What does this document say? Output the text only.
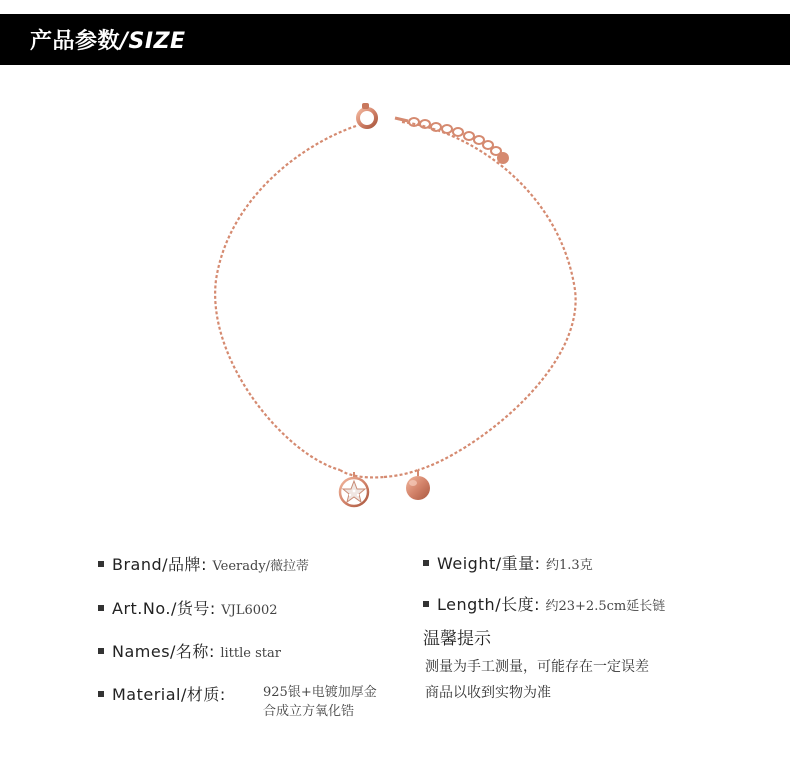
产品参数/SIZE
Brand/品牌: Veerady/薇拉蒂
Art.No./货号: VJL6002
Names/名称: little star
Material/材质:	925银+电镀加厚金
合成立方氧化锆
Weight/重量: 约1.3克
Length/长度: 约23+2.5cm延长链
温馨提示
测量为手工测量，可能存在一定误差
商品以收到实物为准
